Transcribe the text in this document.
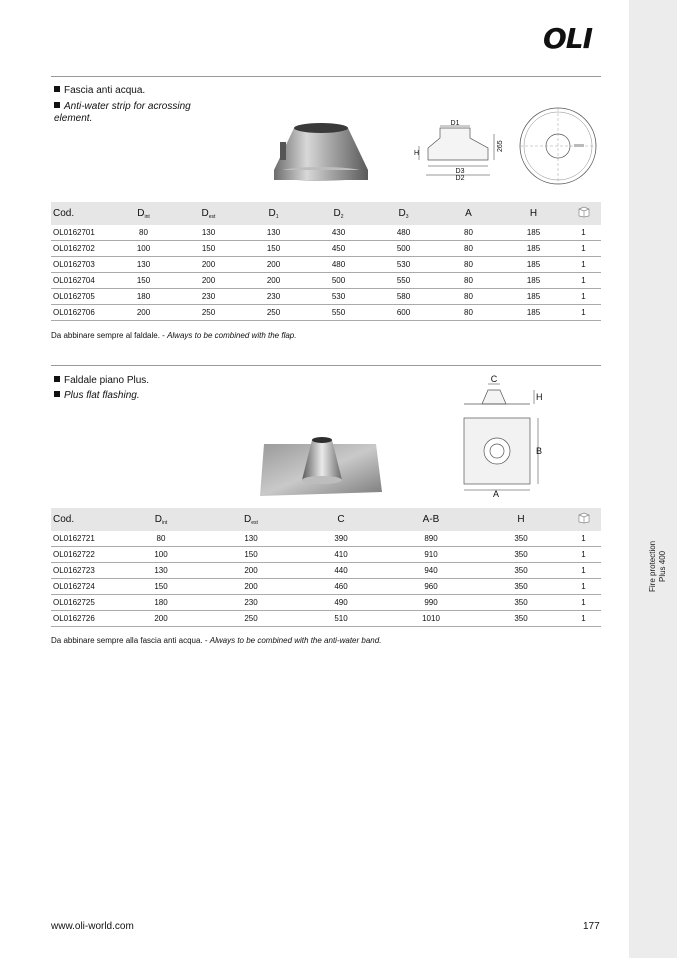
Fire protection Plus 400
OLI
Fascia anti acqua.
Anti-water strip for acrossing element.	D1
H
D3
D2
265
Cod.	$D_{int}$	$D_{est}$	$D_1$	$D_2$	$D_3$	A	H	
OL0162701	80	130	130	430	480	80	185	1
OL0162702	100	150	150	450	500	80	185	1
OL0162703	130	200	200	480	530	80	185	1
OL0162704	150	200	200	500	550	80	185	1
OL0162705	180	230	230	530	580	80	185	1
OL0162706	200	250	250	550	600	80	185	1
Da abbinare sempre al faldale. - Always to be combined with the flap.
Faldale piano Plus.
Plus flat flashing.
C
H
B
A
Cod.	$D_{int}$	$D_{est}$	C	A-B	H	
OL0162721	80	130	390	890	350	1
OL0162722	100	150	410	910	350	1
OL0162723	130	200	440	940	350	1
OL0162724	150	200	460	960	350	1
OL0162725	180	230	490	990	350	1
OL0162726	200	250	510	1010	350	1
Da abbinare sempre alla fascia anti acqua. - Always to be combined with the anti-water band.
www.oli-world.com	177
